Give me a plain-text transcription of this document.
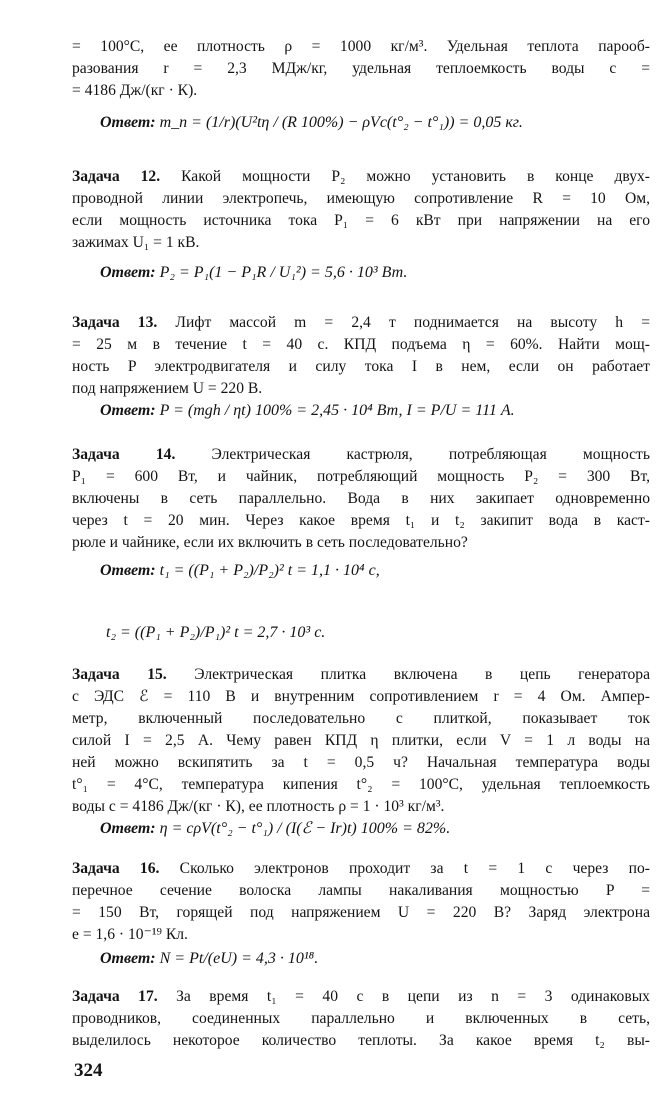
= 100°C, ее плотность ρ = 1000 кг/м³. Удельная теплота парооб-
разования r = 2,3 МДж/кг, удельная теплоемкость воды c =
= 4186 Дж/(кг · К).
Ответ: m_п = (1/r)(U²tη / (R 100%) − ρVc(t°₂ − t°₁)) = 0,05 кг.
Задача 12. Какой мощности P₂ можно установить в конце двух-
проводной линии электропечь, имеющую сопротивление R = 10 Ом,
если мощность источника тока P₁ = 6 кВт при напряжении на его
зажимах U₁ = 1 кВ.
Ответ: P₂ = P₁(1 − P₁R / U₁²) = 5,6 · 10³ Вт.
Задача 13. Лифт массой m = 2,4 т поднимается на высоту h =
= 25 м в течение t = 40 с. КПД подъема η = 60%. Найти мощ-
ность P электродвигателя и силу тока I в нем, если он работает
под напряжением U = 220 В.
Ответ: P = (mgh / ηt) 100% = 2,45 · 10⁴ Вт, I = P/U = 111 А.
Задача 14. Электрическая кастрюля, потребляющая мощность
P₁ = 600 Вт, и чайник, потребляющий мощность P₂ = 300 Вт,
включены в сеть параллельно. Вода в них закипает одновременно
через t = 20 мин. Через какое время t₁ и t₂ закипит вода в каст-
рюле и чайнике, если их включить в сеть последовательно?
Ответ: t₁ = ((P₁ + P₂)/P₂)² t = 1,1 · 10⁴ с,
t₂ = ((P₁ + P₂)/P₁)² t = 2,7 · 10³ с.
Задача 15. Электрическая плитка включена в цепь генератора
с ЭДС ℰ = 110 В и внутренним сопротивлением r = 4 Ом. Ампер-
метр, включенный последовательно с плиткой, показывает ток
силой I = 2,5 А. Чему равен КПД η плитки, если V = 1 л воды на
ней можно вскипятить за t = 0,5 ч? Начальная температура воды
t°₁ = 4°C, температура кипения t°₂ = 100°C, удельная теплоемкость
воды c = 4186 Дж/(кг · К), ее плотность ρ = 1 · 10³ кг/м³.
Ответ: η = cρV(t°₂ − t°₁) / (I(ℰ − Ir)t) 100% = 82%.
Задача 16. Сколько электронов проходит за t = 1 с через по-
перечное сечение волоска лампы накаливания мощностью P =
= 150 Вт, горящей под напряжением U = 220 В? Заряд электрона
e = 1,6 · 10⁻¹⁹ Кл.
Ответ: N = Pt/(eU) = 4,3 · 10¹⁸.
Задача 17. За время t₁ = 40 с в цепи из n = 3 одинаковых
проводников, соединенных параллельно и включенных в сеть,
выделилось некоторое количество теплоты. За какое время t₂ вы-
324
